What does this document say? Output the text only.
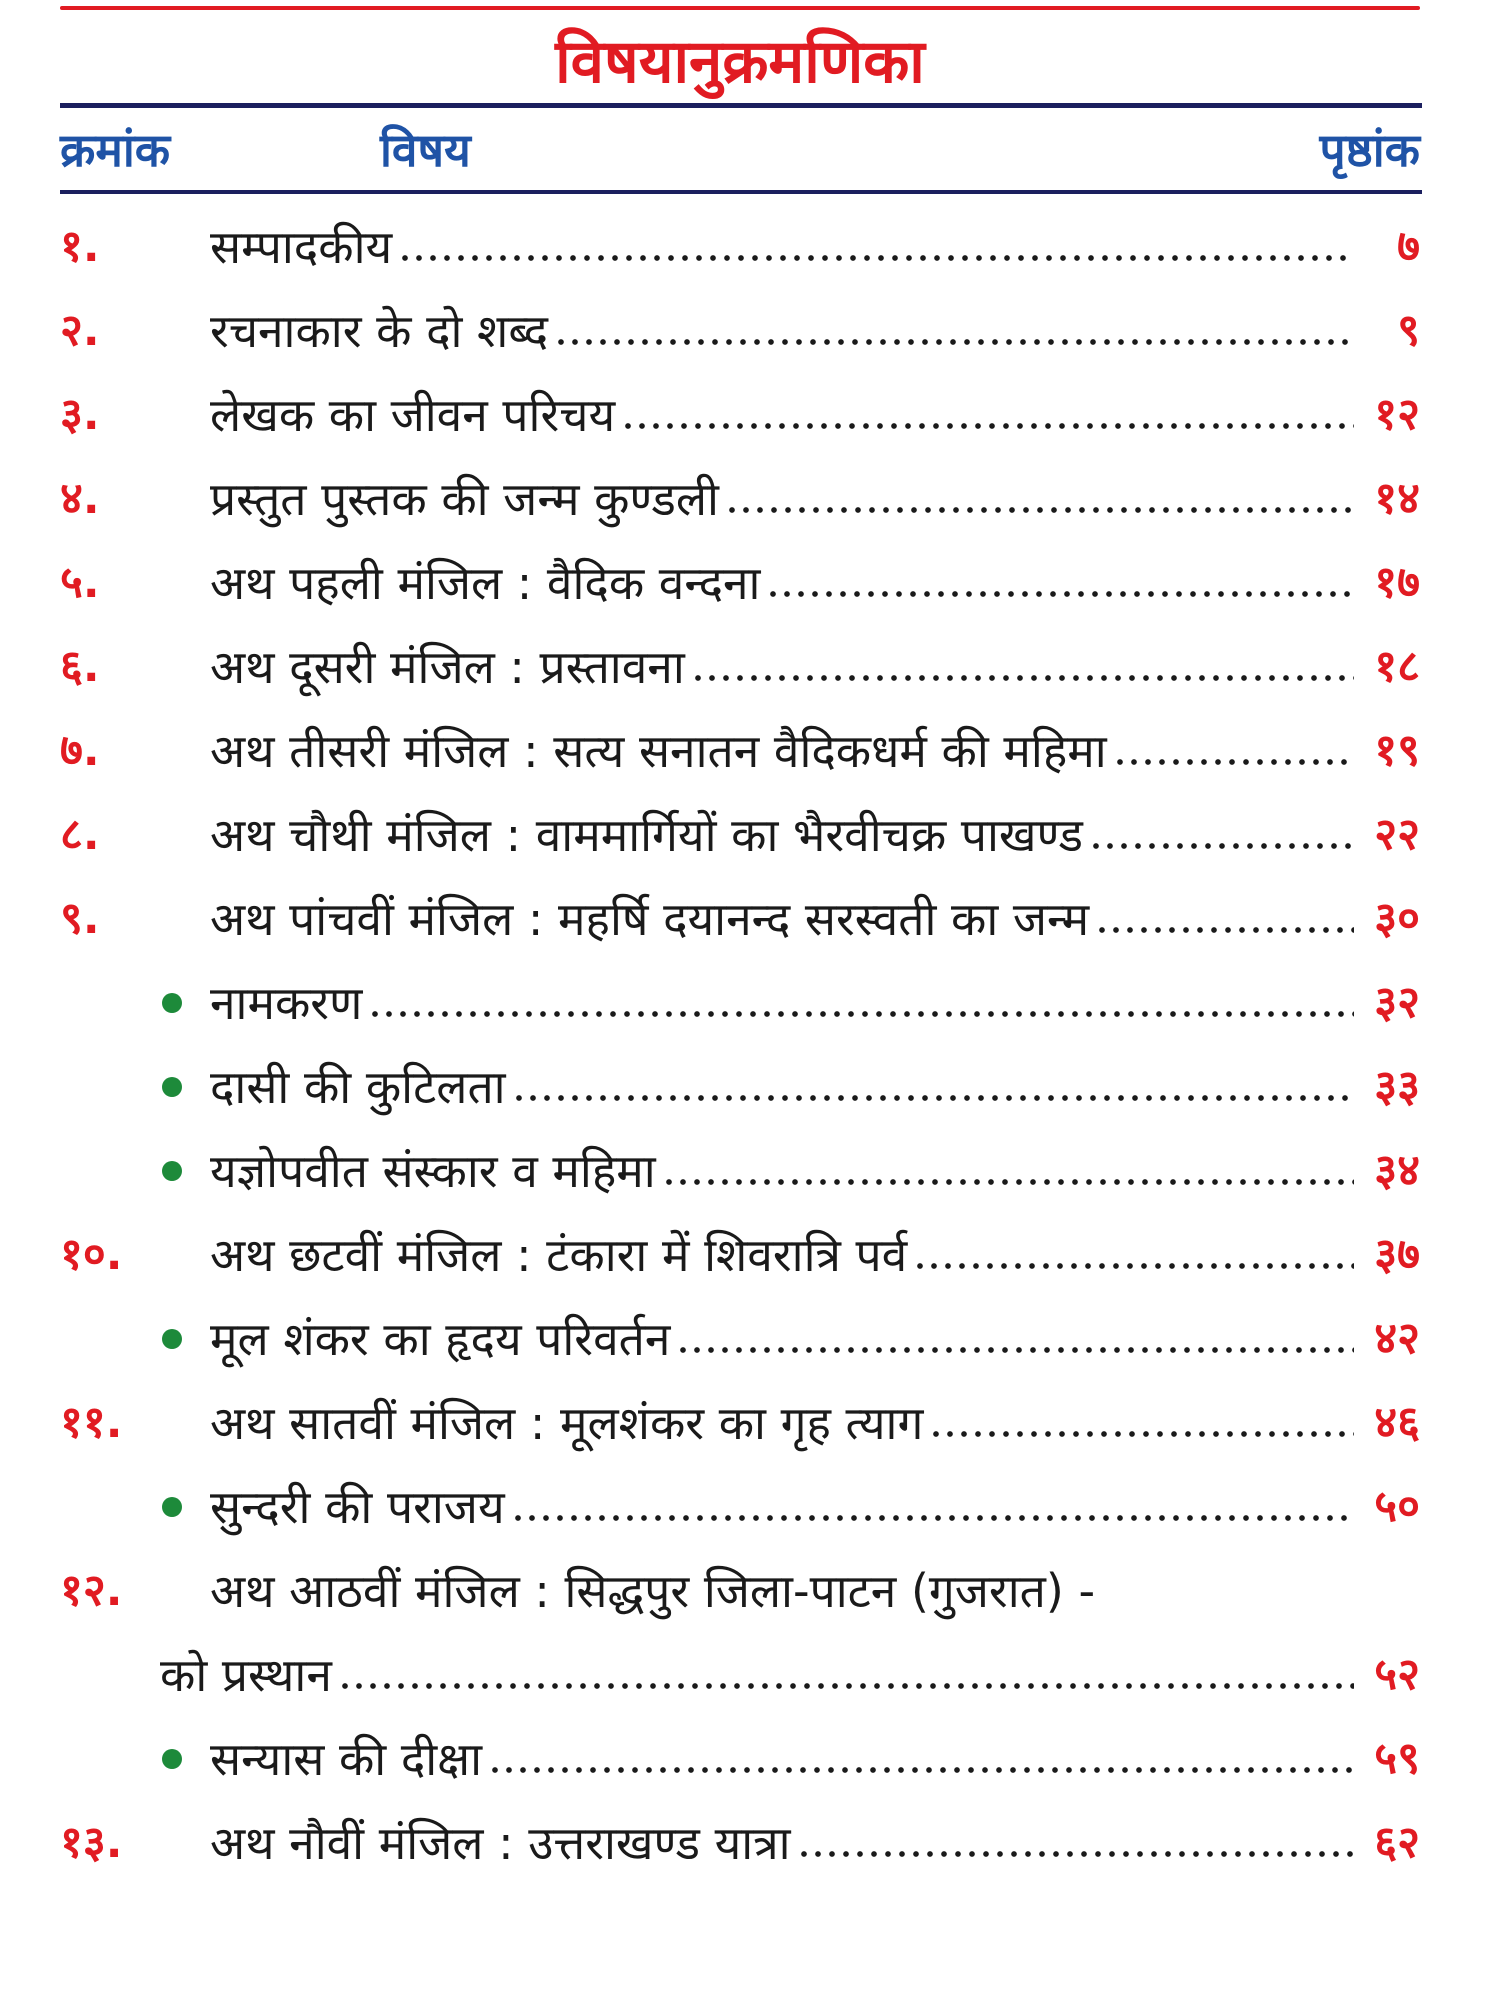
विषयानुक्रमणिका
क्रमांक	विषय	पृष्ठांक
१.	सम्पादकीय	७
२.	रचनाकार के दो शब्द	९
३.	लेखक का जीवन परिचय	१२
४.	प्रस्तुत पुस्तक की जन्म कुण्डली	१४
५.	अथ पहली मंजिल : वैदिक वन्दना	१७
६.	अथ दूसरी मंजिल : प्रस्तावना	१८
७.	अथ तीसरी मंजिल : सत्य सनातन वैदिकधर्म की महिमा	१९
८.	अथ चौथी मंजिल : वाममार्गियों का भैरवीचक्र पाखण्ड	२२
९.	अथ पांचवीं मंजिल : महर्षि दयानन्द सरस्वती का जन्म	३०
नामकरण	३२
दासी की कुटिलता	३३
यज्ञोपवीत संस्कार व महिमा	३४
१०.	अथ छटवीं मंजिल : टंकारा में शिवरात्रि पर्व	३७
मूल शंकर का हृदय परिवर्तन	४२
११.	अथ सातवीं मंजिल : मूलशंकर का गृह त्याग	४६
सुन्दरी की पराजय	५०
१२.	अथ आठवीं मंजिल : सिद्धपुर जिला-पाटन (गुजरात) -
को प्रस्थान	५२
सन्यास की दीक्षा	५९
१३.	अथ नौवीं मंजिल : उत्तराखण्ड यात्रा	६२
